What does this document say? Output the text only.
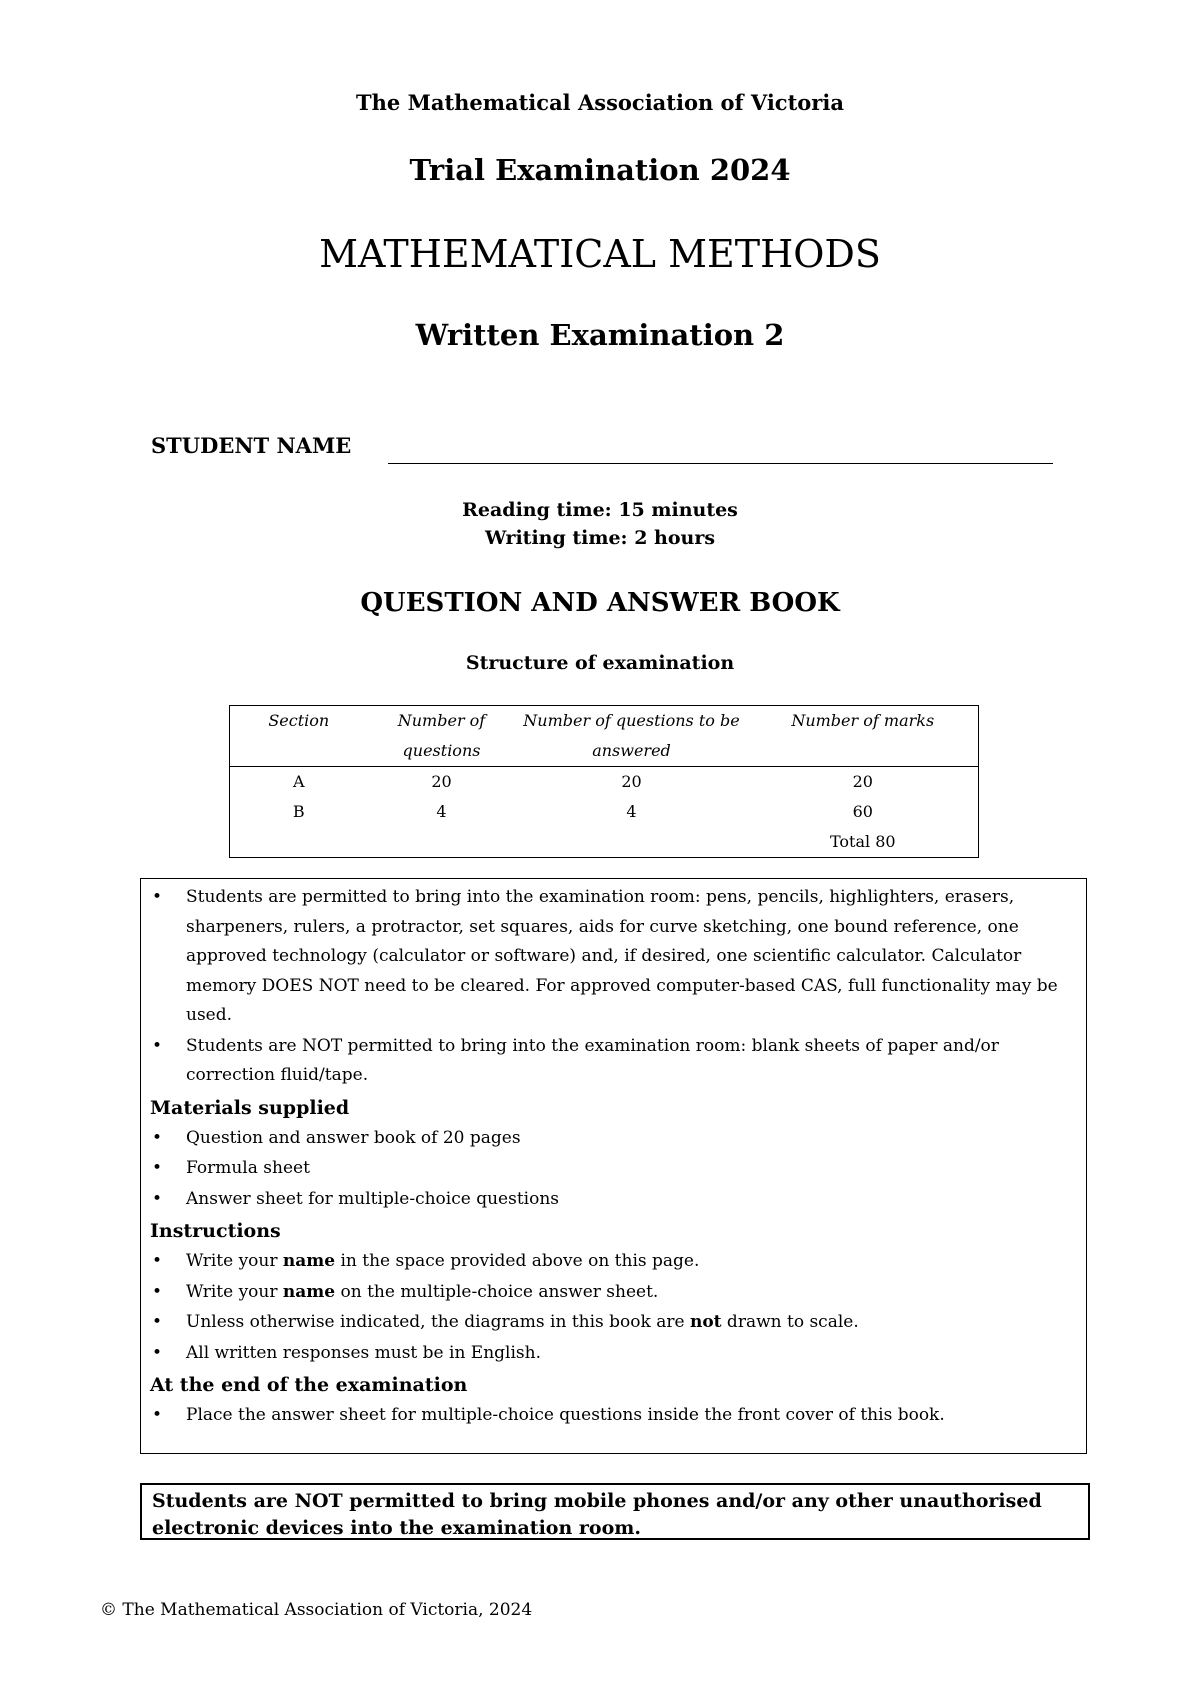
The Mathematical Association of Victoria
Trial Examination 2024
MATHEMATICAL METHODS
Written Examination 2
STUDENT NAME
Reading time: 15 minutes
Writing time: 2 hours
QUESTION AND ANSWER BOOK
Structure of examination
Section	Number of questions	Number of questions to be answered	Number of marks
A	20	20	20
B	4	4	60
			Total 80
• Students are permitted to bring into the examination room: pens, pencils, highlighters, erasers, sharpeners, rulers, a protractor, set squares, aids for curve sketching, one bound reference, one approved technology (calculator or software) and, if desired, one scientific calculator. Calculator memory DOES NOT need to be cleared. For approved computer-based CAS, full functionality may be used.
• Students are NOT permitted to bring into the examination room: blank sheets of paper and/or correction fluid/tape.
Materials supplied
• Question and answer book of 20 pages
• Formula sheet
• Answer sheet for multiple-choice questions
Instructions
• Write your name in the space provided above on this page.
• Write your name on the multiple-choice answer sheet.
• Unless otherwise indicated, the diagrams in this book are not drawn to scale.
• All written responses must be in English.
At the end of the examination
• Place the answer sheet for multiple-choice questions inside the front cover of this book.
Students are NOT permitted to bring mobile phones and/or any other unauthorised electronic devices into the examination room.
© The Mathematical Association of Victoria, 2024
